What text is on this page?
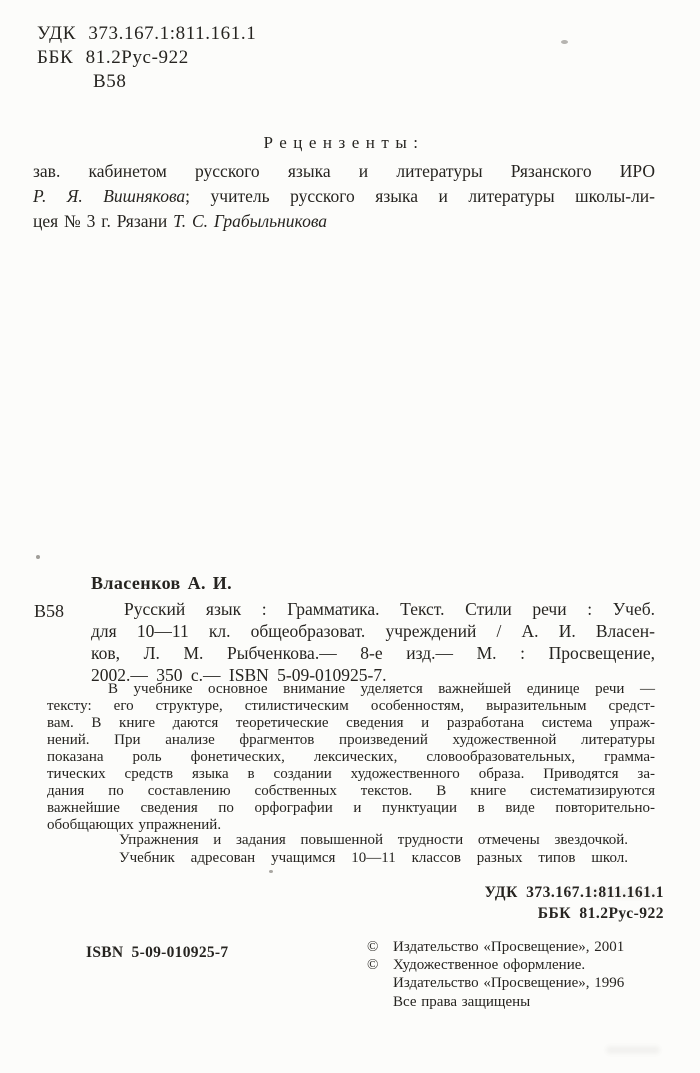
УДК 373.167.1:811.161.1
ББК 81.2Рус-922
В58
Рецензенты:
зав. кабинетом русского языка и литературы Рязанского ИРО
Р. Я. Вишнякова; учитель русского языка и литературы школы-ли-
цея № 3 г. Рязани Т. С. Грабыльникова
Власенков А. И.
В58	Русский язык : Грамматика. Текст. Стили речи : Учеб.
для 10—11 кл. общеобразоват. учреждений / А. И. Власен-
ков, Л. М. Рыбченкова.— 8-е изд.— М. : Просвещение,
2002.— 350 с.— ISBN 5-09-010925-7.
В учебнике основное внимание уделяется важнейшей единице речи —
тексту: его структуре, стилистическим особенностям, выразительным средст-
вам. В книге даются теоретические сведения и разработана система упраж-
нений. При анализе фрагментов произведений художественной литературы
показана роль фонетических, лексических, словообразовательных, грамма-
тических средств языка в создании художественного образа. Приводятся за-
дания по составлению собственных текстов. В книге систематизируются
важнейшие сведения по орфографии и пунктуации в виде повторительно-
обобщающих упражнений.
Упражнения и задания повышенной трудности отмечены звездочкой.
Учебник адресован учащимся 10—11 классов разных типов школ.
УДК 373.167.1:811.161.1
ББК 81.2Рус-922
ISBN 5-09-010925-7	© Издательство «Просвещение», 2001
© Художественное оформление.
Издательство «Просвещение», 1996
Все права защищены
